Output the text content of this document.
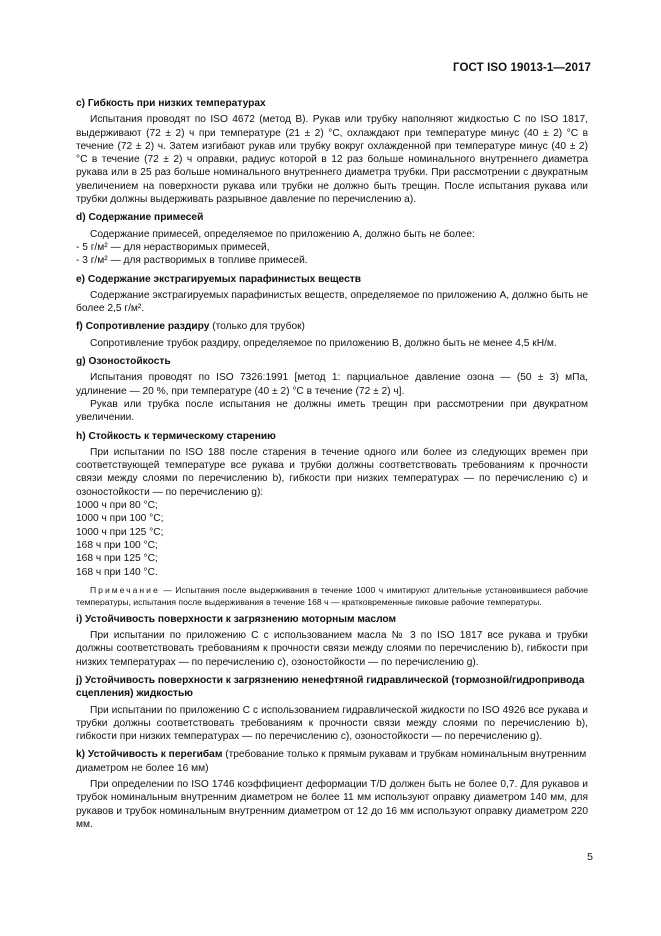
ГОСТ ISO 19013-1—2017

c) Гибкость при низких температурах

Испытания проводят по ISO 4672 (метод B). Рукав или трубку наполняют жидкостью C по ISO 1817, выдерживают (72 ± 2) ч при температуре (21 ± 2) °С, охлаждают при температуре минус (40 ± 2) °С в течение (72 ± 2) ч. Затем изгибают рукав или трубку вокруг охлажденной при температуре минус (40 ± 2) °С в течение (72 ± 2) ч оправки, радиус которой в 12 раз больше номинального внутреннего диаметра рукава или в 25 раз больше номинального внутреннего диаметра трубки. При рассмотрении с двукратным увеличением на поверхности рукава или трубки не должно быть трещин. После испытания рукава или трубки должны выдерживать разрывное давление по перечислению a).

d) Содержание примесей

Содержание примесей, определяемое по приложению A, должно быть не более:

- 5 г/м² — для нерастворимых примесей,

- 3 г/м² — для растворимых в топливе примесей.

e) Содержание экстрагируемых парафинистых веществ

Содержание экстрагируемых парафинистых веществ, определяемое по приложению A, должно быть не более 2,5 г/м².

f) Сопротивление раздиру (только для трубок)

Сопротивление трубок раздиру, определяемое по приложению B, должно быть не менее 4,5 кН/м.

g) Озоностойкость

Испытания проводят по ISO 7326:1991 [метод 1: парциальное давление озона — (50 ± 3) мПа, удлинение — 20 %, при температуре (40 ± 2) °С в течение (72 ± 2) ч].

Рукав или трубка после испытания не должны иметь трещин при рассмотрении при двукратном увеличении.

h) Стойкость к термическому старению

При испытании по ISO 188 после старения в течение одного или более из следующих времен при соответствующей температуре все рукава и трубки должны соответствовать требованиям к прочности связи между слоями по перечислению b), гибкости при низких температурах — по перечислению c) и озоностойкости — по перечислению g):

1000 ч при 80 °С;

1000 ч при 100 °С;

1000 ч при 125 °С;

168 ч при 100 °С;

168 ч при 125 °С;

168 ч при 140 °С.

Примечание — Испытания после выдерживания в течение 1000 ч имитируют длительные установившиеся рабочие температуры, испытания после выдерживания в течение 168 ч — кратковременные пиковые рабочие температуры.

i) Устойчивость поверхности к загрязнению моторным маслом

При испытании по приложению C с использованием масла № 3 по ISO 1817 все рукава и трубки должны соответствовать требованиям к прочности связи между слоями по перечислению b), гибкости при низких температурах — по перечислению c), озоностойкости — по перечислению g).

j) Устойчивость поверхности к загрязнению ненефтяной гидравлической (тормозной/гидропривода сцепления) жидкостью

При испытании по приложению C с использованием гидравлической жидкости по ISO 4926 все рукава и трубки должны соответствовать требованиям к прочности связи между слоями по перечислению b), гибкости при низких температурах — по перечислению c), озоностойкости — по перечислению g).

k) Устойчивость к перегибам (требование только к прямым рукавам и трубкам номинальным внутренним диаметром не более 16 мм)

При определении по ISO 1746 коэффициент деформации T/D должен быть не более 0,7. Для рукавов и трубок номинальным внутренним диаметром не более 11 мм используют оправку диаметром 140 мм, для рукавов и трубок номинальным внутренним диаметром от 12 до 16 мм используют оправку диаметром 220 мм.

5
